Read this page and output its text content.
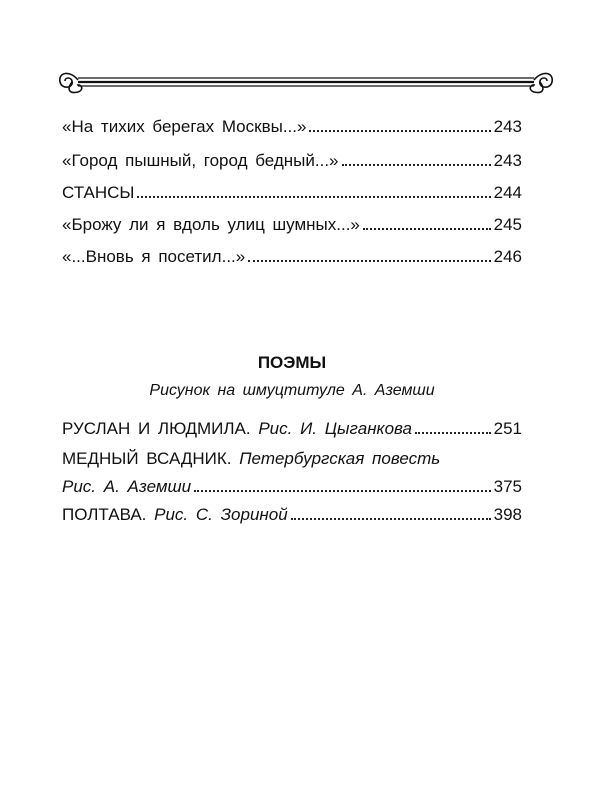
«На тихих берегах Москвы...»	243
«Город пышный, город бедный...»	243
СТАНСЫ	244
«Брожу ли я вдоль улиц шумных...»	245
«...Вновь я посетил...»	246
ПОЭМЫ
Рисунок на шмуцтитуле А. Аземши
РУСЛАН И ЛЮДМИЛА. Рис. И. Цыганкова	251
МЕДНЫЙ ВСАДНИК. Петербургская повесть
Рис. А. Аземши	375
ПОЛТАВА. Рис. С. Зориной	398
